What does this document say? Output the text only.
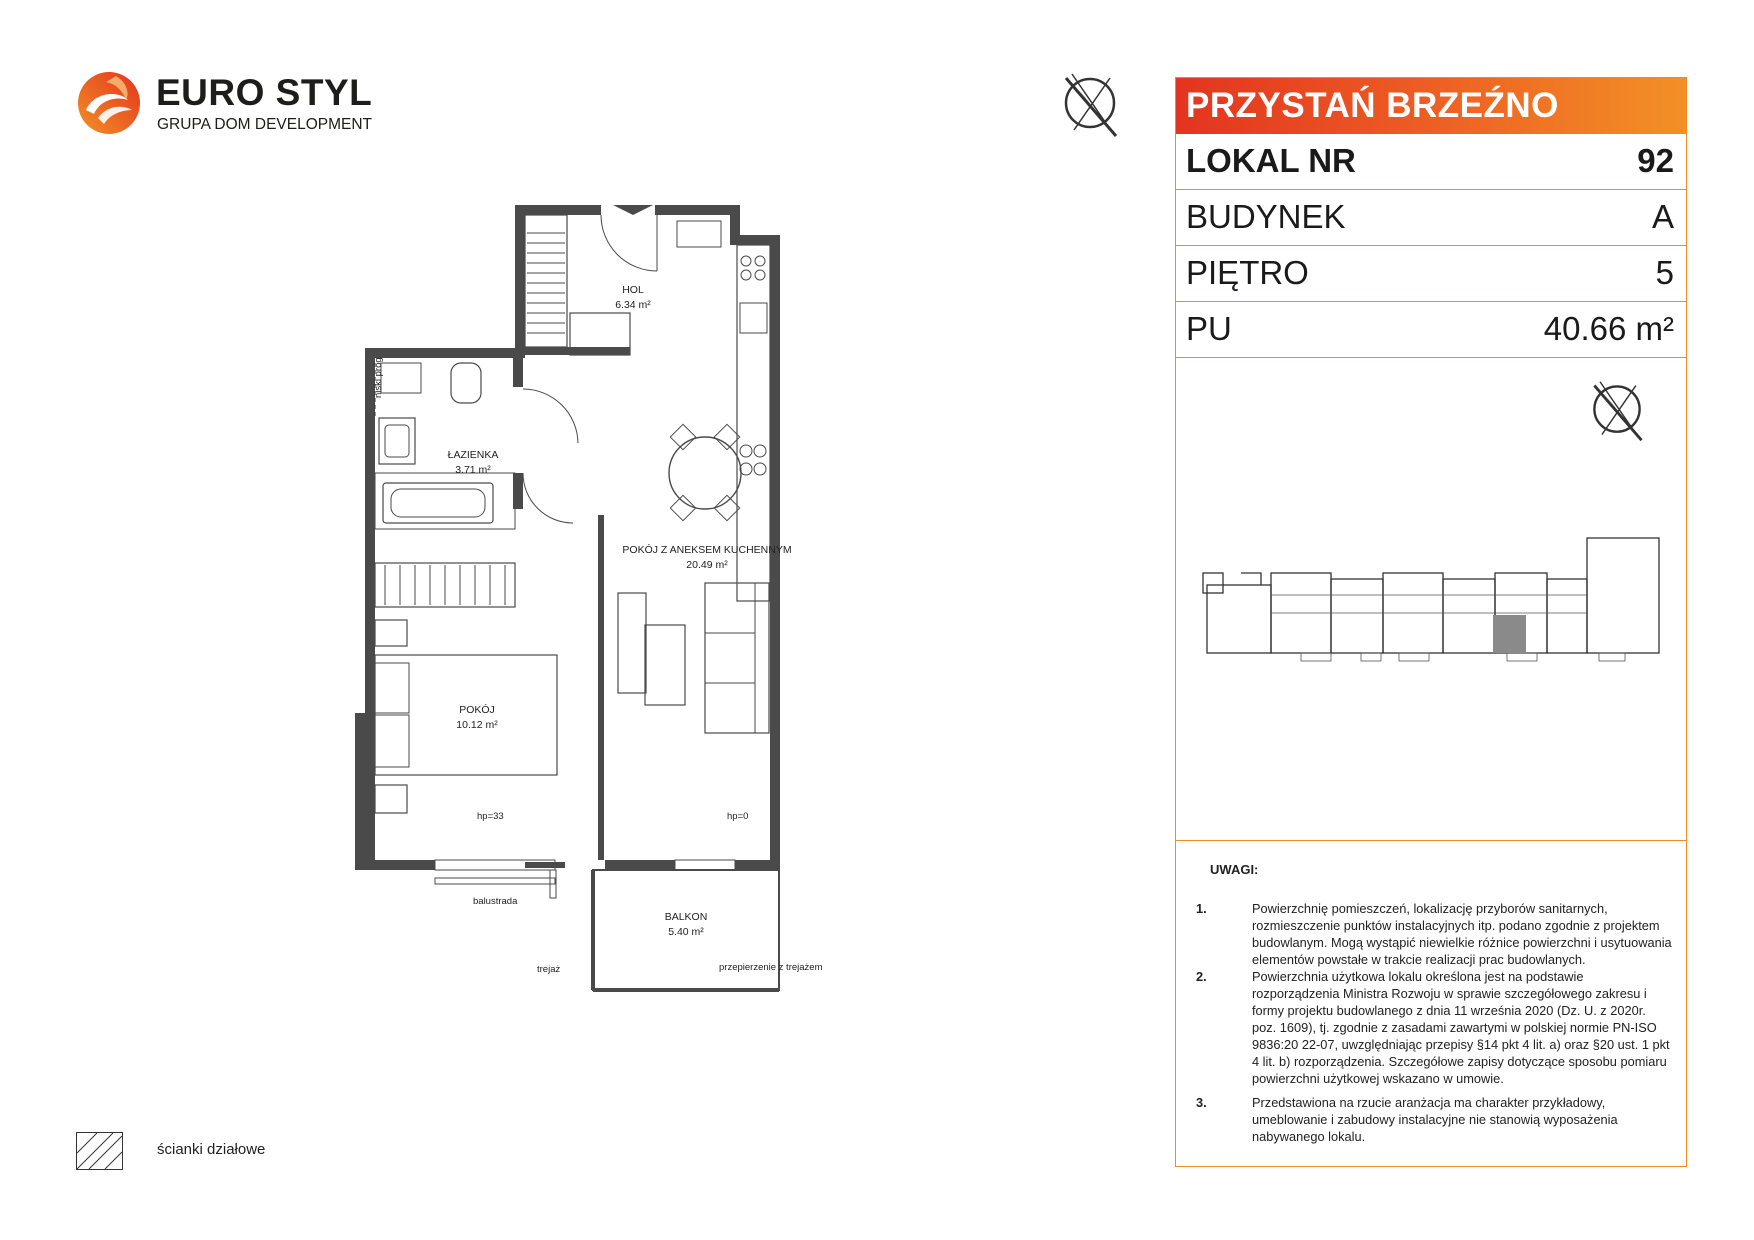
EURO STYL
GRUPA DOM DEVELOPMENT
HOL
6.34 m²
ŁAZIENKA
3.71 m²
POKÓJ Z ANEKSEM KUCHENNYM
20.49 m²
POKÓJ
10.12 m²
BALKON
5.40 m²
niski próg
hp=33	hp=0
balustrada
trejaż	przepierzenie z trejażem
ścianki działowe
PRZYSTAŃ BRZEŹNO
LOKAL NR	92
BUDYNEK	A
PIĘTRO	5
PU	40.66 m²
UWAGI:
1.	Powierzchnię pomieszczeń, lokalizację przyborów sanitarnych, rozmieszczenie punktów instalacyjnych itp. podano zgodnie z projektem budowlanym. Mogą wystąpić niewielkie różnice powierzchni i usytuowania elementów powstałe w trakcie realizacji prac budowlanych.
2.	Powierzchnia użytkowa lokalu określona jest na podstawie rozporządzenia Ministra Rozwoju w sprawie szczegółowego zakresu i formy projektu budowlanego z dnia 11 września 2020 (Dz. U. z 2020r. poz. 1609), tj. zgodnie z zasadami zawartymi w polskiej normie PN-ISO 9836:20 22-07, uwzględniając przepisy §14 pkt 4 lit. a) oraz §20 ust. 1 pkt 4 lit. b) rozporządzenia. Szczegółowe zapisy dotyczące sposobu pomiaru powierzchni użytkowej wskazano w umowie.
3.	Przedstawiona na rzucie aranżacja ma charakter przykładowy, umeblowanie i zabudowy instalacyjne nie stanowią wyposażenia nabywanego lokalu.
